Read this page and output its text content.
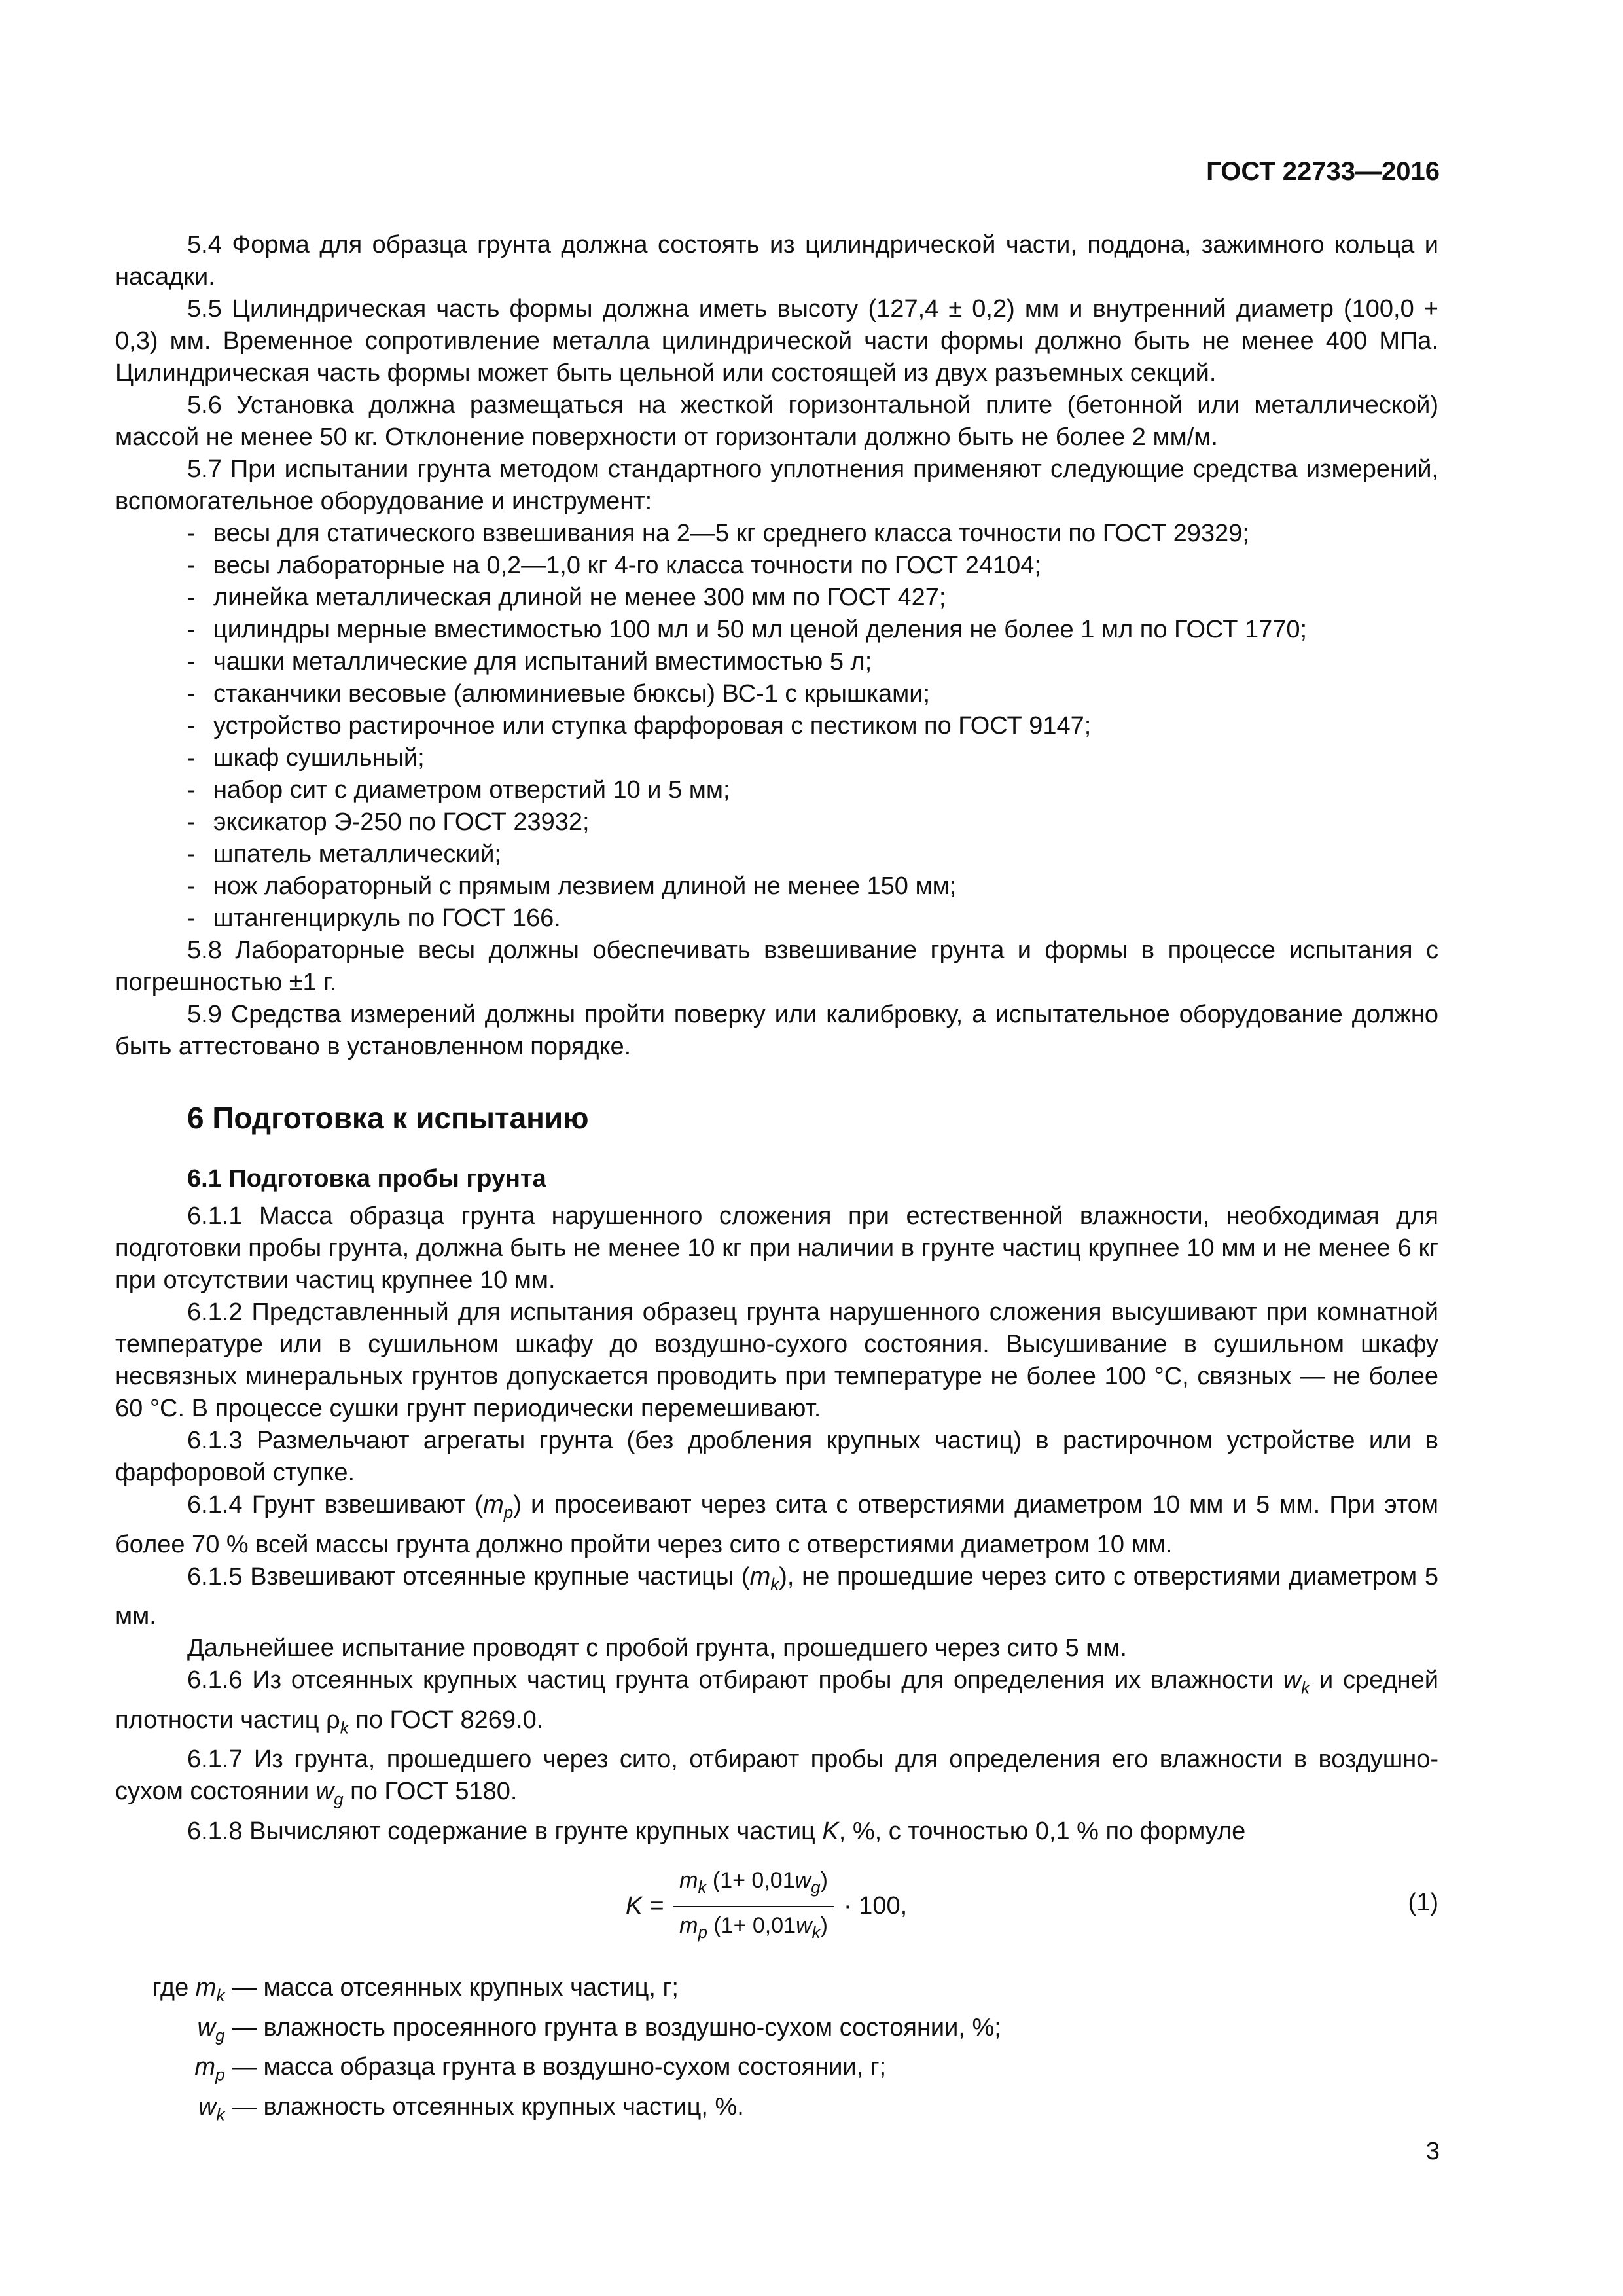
ГОСТ 22733—2016

5.4 Форма для образца грунта должна состоять из цилиндрической части, поддона, зажимного кольца и насадки.

5.5 Цилиндрическая часть формы должна иметь высоту (127,4 ± 0,2) мм и внутренний диаметр (100,0 + 0,3) мм. Временное сопротивление металла цилиндрической части формы должно быть не менее 400 МПа. Цилиндрическая часть формы может быть цельной или состоящей из двух разъемных секций.

5.6 Установка должна размещаться на жесткой горизонтальной плите (бетонной или металлической) массой не менее 50 кг. Отклонение поверхности от горизонтали должно быть не более 2 мм/м.

5.7 При испытании грунта методом стандартного уплотнения применяют следующие средства измерений, вспомогательное оборудование и инструмент:

- весы для статического взвешивания на 2—5 кг среднего класса точности по ГОСТ 29329;
- весы лабораторные на 0,2—1,0 кг 4-го класса точности по ГОСТ 24104;
- линейка металлическая длиной не менее 300 мм по ГОСТ 427;
- цилиндры мерные вместимостью 100 мл и 50 мл ценой деления не более 1 мл по ГОСТ 1770;
- чашки металлические для испытаний вместимостью 5 л;
- стаканчики весовые (алюминиевые бюксы) ВС-1 с крышками;
- устройство растирочное или ступка фарфоровая с пестиком по ГОСТ 9147;
- шкаф сушильный;
- набор сит с диаметром отверстий 10 и 5 мм;
- эксикатор Э-250 по ГОСТ 23932;
- шпатель металлический;
- нож лабораторный с прямым лезвием длиной не менее 150 мм;
- штангенциркуль по ГОСТ 166.

5.8 Лабораторные весы должны обеспечивать взвешивание грунта и формы в процессе испытания с погрешностью ±1 г.

5.9 Средства измерений должны пройти поверку или калибровку, а испытательное оборудование должно быть аттестовано в установленном порядке.

6 Подготовка к испытанию
6.1 Подготовка пробы грунта

6.1.1 Масса образца грунта нарушенного сложения при естественной влажности, необходимая для подготовки пробы грунта, должна быть не менее 10 кг при наличии в грунте частиц крупнее 10 мм и не менее 6 кг при отсутствии частиц крупнее 10 мм.

6.1.2 Представленный для испытания образец грунта нарушенного сложения высушивают при комнатной температуре или в сушильном шкафу до воздушно-сухого состояния. Высушивание в сушильном шкафу несвязных минеральных грунтов допускается проводить при температуре не более 100 °С, связных — не более 60 °С. В процессе сушки грунт периодически перемешивают.

6.1.3 Размельчают агрегаты грунта (без дробления крупных частиц) в растирочном устройстве или в фарфоровой ступке.

6.1.4 Грунт взвешивают $(m_p)$ и просеивают через сита с отверстиями диаметром 10 мм и 5 мм. При этом более 70 % всей массы грунта должно пройти через сито с отверстиями диаметром 10 мм.

6.1.5 Взвешивают отсеянные крупные частицы $(m_k)$, не прошедшие через сито с отверстиями диаметром 5 мм.

Дальнейшее испытание проводят с пробой грунта, прошедшего через сито 5 мм.

6.1.6 Из отсеянных крупных частиц грунта отбирают пробы для определения их влажности $w_k$ и средней плотности частиц $\rho_k$ по ГОСТ 8269.0.

6.1.7 Из грунта, прошедшего через сито, отбирают пробы для определения его влажности в воздушно-сухом состоянии $w_g$ по ГОСТ 5180.

6.1.8 Вычисляют содержание в грунте крупных частиц K, %, с точностью 0,1 % по формуле

$K = \frac{m_k (1+ 0,01w_g)}{m_p (1+ 0,01w_k)} \cdot 100$,	(1)
где $m_k$ — масса отсеянных крупных частиц, г;
$w_g$ — влажность просеянного грунта в воздушно-сухом состоянии, %;
$m_p$ — масса образца грунта в воздушно-сухом состоянии, г;
$w_k$ — влажность отсеянных крупных частиц, %.
3
